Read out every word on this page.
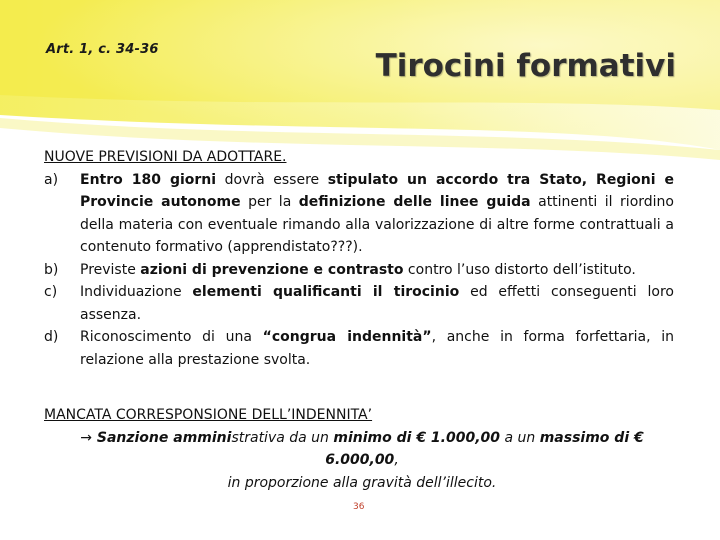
Art. 1, c. 34-36	Tirocini formativi
NUOVE PREVISIONI DA ADOTTARE.
a)	Entro 180 giorni dovrà essere stipulato un accordo tra Stato, Regioni e Provincie autonome per la definizione delle linee guida attinenti il riordino della materia con eventuale rimando alla valorizzazione di altre forme contrattuali a contenuto formativo (apprendistato???).
b)	Previste azioni di prevenzione e contrasto contro l’uso distorto dell’istituto.
c)	Individuazione elementi qualificanti il tirocinio ed effetti conseguenti loro assenza.
d)	Riconoscimento di una “congrua indennità”, anche in forma forfettaria, in relazione alla prestazione svolta.
MANCATA CORRESPONSIONE DELL’INDENNITA’
→ Sanzione amministrativa da un minimo di € 1.000,00 a un massimo di € 6.000,00,
in proporzione alla gravità dell’illecito.
36
